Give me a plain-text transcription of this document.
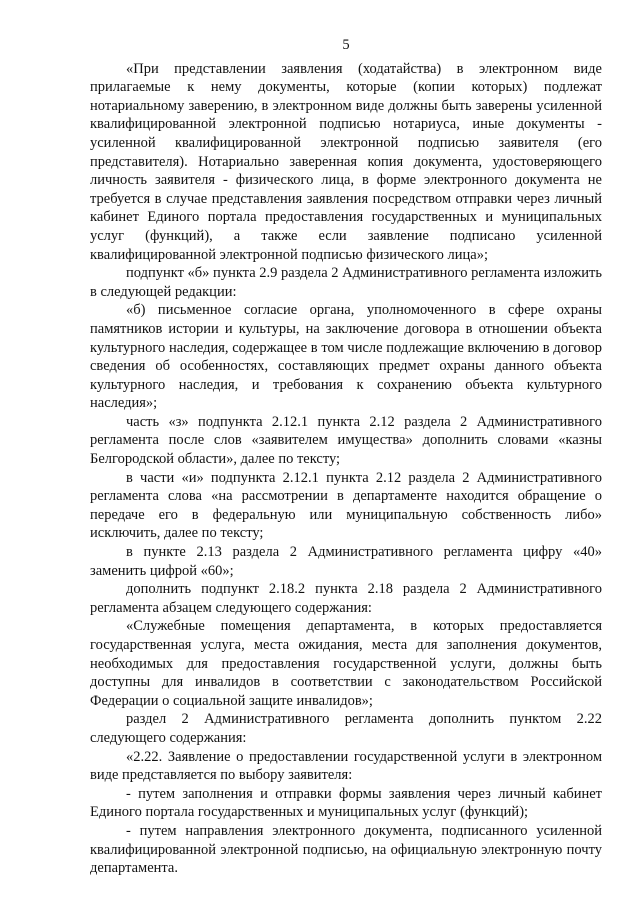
5

«При представлении заявления (ходатайства) в электронном виде прилагаемые к нему документы, которые (копии которых) подлежат нотариальному заверению, в электронном виде должны быть заверены усиленной квалифицированной электронной подписью нотариуса, иные документы - усиленной квалифицированной электронной подписью заявителя (его представителя). Нотариально заверенная копия документа, удостоверяющего личность заявителя - физического лица, в форме электронного документа не требуется в случае представления заявления посредством отправки через личный кабинет Единого портала предоставления государственных и муниципальных услуг (функций), а также если заявление подписано усиленной квалифицированной электронной подписью физического лица»;

подпункт «б» пункта 2.9 раздела 2 Административного регламента изложить в следующей редакции:

«б) письменное согласие органа, уполномоченного в сфере охраны памятников истории и культуры, на заключение договора в отношении объекта культурного наследия, содержащее в том числе подлежащие включению в договор сведения об особенностях, составляющих предмет охраны данного объекта культурного наследия, и требования к сохранению объекта культурного наследия»;

часть «з» подпункта 2.12.1 пункта 2.12 раздела 2 Административного регламента после слов «заявителем имущества» дополнить словами «казны Белгородской области», далее по тексту;

в части «и» подпункта 2.12.1 пункта 2.12 раздела 2 Административного регламента слова «на рассмотрении в департаменте находится обращение о передаче его в федеральную или муниципальную собственность либо» исключить, далее по тексту;

в пункте 2.13 раздела 2 Административного регламента цифру «40» заменить цифрой «60»;

дополнить подпункт 2.18.2 пункта 2.18 раздела 2 Административного регламента абзацем следующего содержания:

«Служебные помещения департамента, в которых предоставляется государственная услуга, места ожидания, места для заполнения документов, необходимых для предоставления государственной услуги, должны быть доступны для инвалидов в соответствии с законодательством Российской Федерации о социальной защите инвалидов»;

раздел 2 Административного регламента дополнить пунктом 2.22 следующего содержания:

«2.22. Заявление о предоставлении государственной услуги в электронном виде представляется по выбору заявителя:

- путем заполнения и отправки формы заявления через личный кабинет Единого портала государственных и муниципальных услуг (функций);

- путем направления электронного документа, подписанного усиленной квалифицированной электронной подписью, на официальную электронную почту департамента.
